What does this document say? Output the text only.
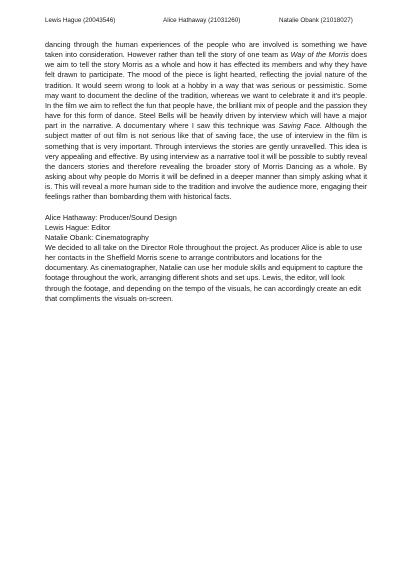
Lewis Hague (20043546)	Alice Hathaway (21031260)	Natalie Obank (21018027)

dancing through the human experiences of the people who are involved is something we have taken into consideration. However rather than tell the story of one team as Way of the Morris does we aim to tell the story Morris as a whole and how it has effected its members and why they have felt drawn to participate. The mood of the piece is light hearted, reflecting the jovial nature of the tradition. It would seem wrong to look at a hobby in a way that was serious or pessimistic. Some may want to document the decline of the tradition, whereas we want to celebrate it and it's people. In the film we aim to reflect the fun that people have, the brilliant mix of people and the passion they have for this form of dance. Steel Bells will be heavily driven by interview which will have a major part in the narrative. A documentary where I saw this technique was Saving Face. Although the subject matter of out film is not serious like that of saving face, the use of interview in the film is something that is very important. Through interviews the stories are gently unravelled. This idea is very appealing and effective. By using interview as a narrative tool it will be possible to subtly reveal the dancers stories and therefore revealing the broader story of Morris Dancing as a whole. By asking about why people do Morris it will be defined in a deeper manner than simply asking what it is. This will reveal a more human side to the tradition and involve the audience more, engaging their feelings rather than bombarding them with historical facts.

Alice Hathaway: Producer/Sound Design
Lewis Hague: Editor
Natalie Obank: Cinematography
We decided to all take on the Director Role throughout the project. As producer Alice is able to use her contacts in the Sheffield Morris scene to arrange contributors and locations for the documentary. As cinematographer, Natalie can use her module skills and equipment to capture the footage throughout the work, arranging different shots and set ups. Lewis, the editor, will look through the footage, and depending on the tempo of the visuals, he can accordingly create an edit that compliments the visuals on-screen.
